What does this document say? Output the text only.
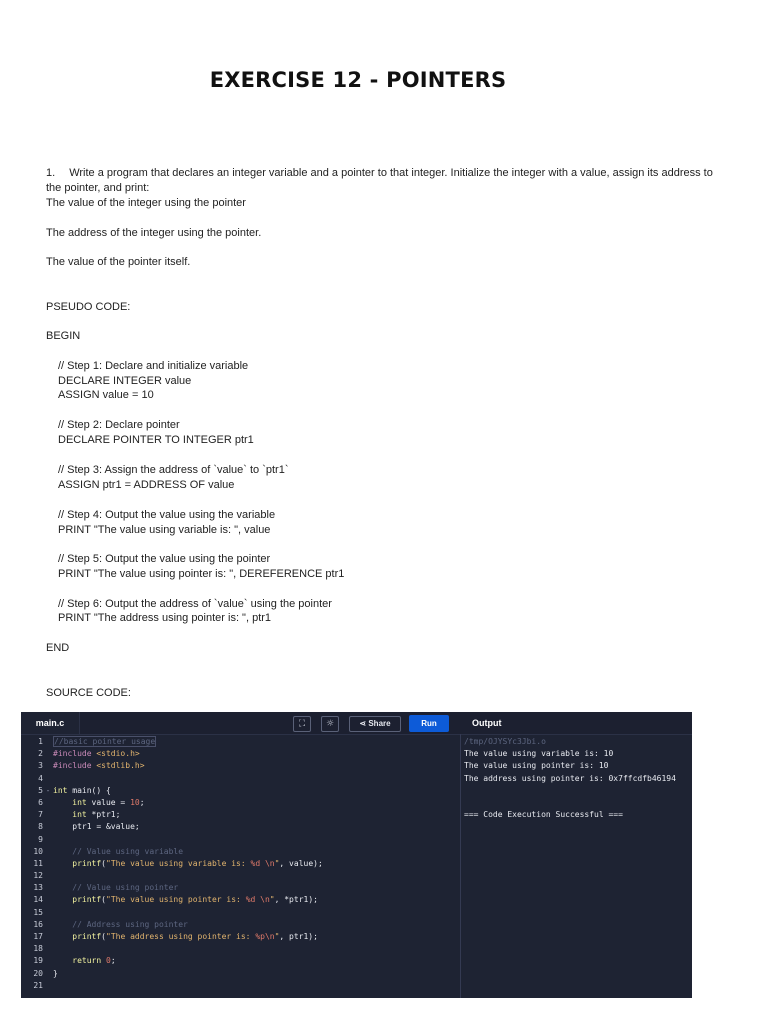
EXERCISE 12 - POINTERS
1. Write a program that declares an integer variable and a pointer to that integer. Initialize the integer with a value, assign its address to the pointer, and print:
The value of the integer using the pointer
The address of the integer using the pointer.
The value of the pointer itself.
PSEUDO CODE:
BEGIN
// Step 1: Declare and initialize variable
DECLARE INTEGER value
ASSIGN value = 10
// Step 2: Declare pointer
DECLARE POINTER TO INTEGER ptr1
// Step 3: Assign the address of `value` to `ptr1`
ASSIGN ptr1 = ADDRESS OF value
// Step 4: Output the value using the variable
PRINT "The value using variable is: ", value
// Step 5: Output the value using the pointer
PRINT "The value using pointer is: ", DEREFERENCE ptr1
// Step 6: Output the address of `value` using the pointer
PRINT "The address using pointer is: ", ptr1
END
SOURCE CODE:
main.c	⛶	☼	⋖ Share	Run	Output
1 //basic pointer usage
2 #include <stdio.h>
3 #include <stdlib.h>
4
5 - int main() {
6	int value = 10;
7	int *ptr1;
8	ptr1 = &value;
9
10	// Value using variable
11	printf("The value using variable is: %d \n", value);
12
13	// Value using pointer
14	printf("The value using pointer is: %d \n", *ptr1);
15
16	// Address using pointer
17	printf("The address using pointer is: %p\n", ptr1);
18
19	return 0;
20 }
21
/tmp/OJYSYc3Jbi.o
The value using variable is: 10
The value using pointer is: 10
The address using pointer is: 0x7ffcdfb46194
=== Code Execution Successful ===
